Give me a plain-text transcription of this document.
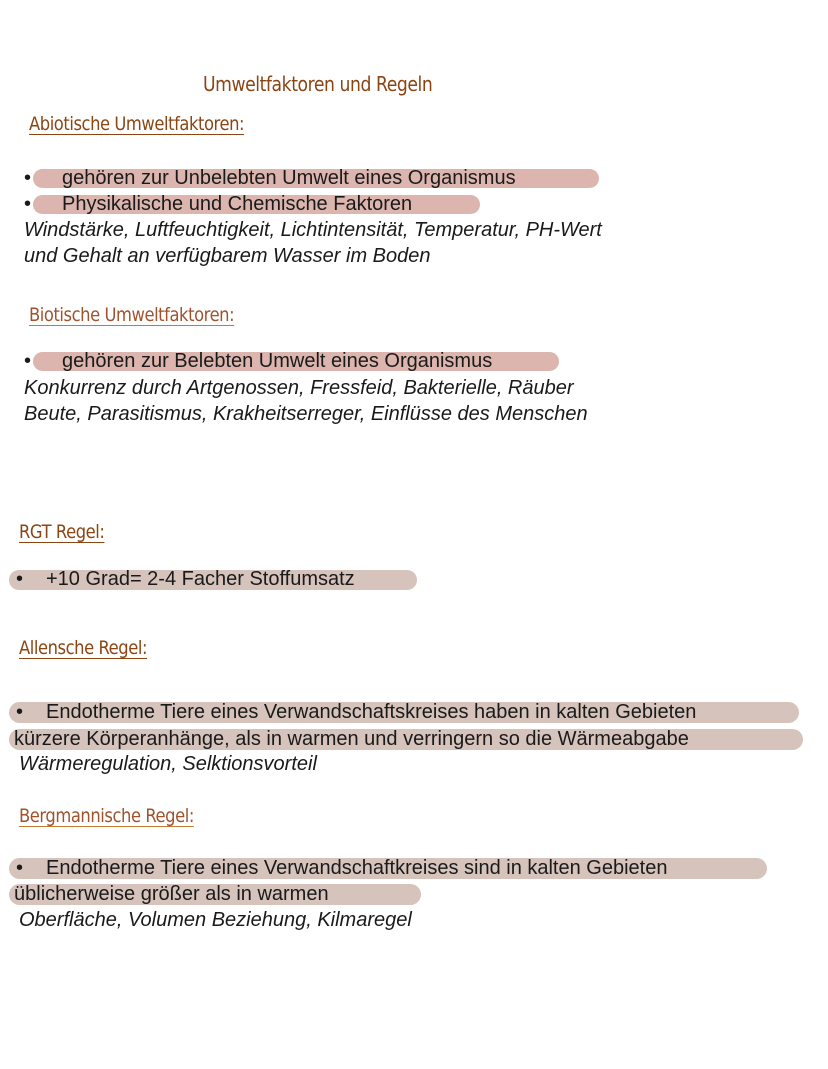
Umweltfaktoren und Regeln
Abiotische Umweltfaktoren:
• gehören zur Unbelebten Umwelt eines Organismus
• Physikalische und Chemische Faktoren
Windstärke, Luftfeuchtigkeit, Lichtintensität, Temperatur, PH-Wert
und Gehalt an verfügbarem Wasser im Boden
Biotische Umweltfaktoren:
• gehören zur Belebten Umwelt eines Organismus
Konkurrenz durch Artgenossen, Fressfeid, Bakterielle, Räuber
Beute, Parasitismus, Krakheitserreger, Einflüsse des Menschen
RGT Regel:
• +10 Grad= 2-4 Facher Stoffumsatz
Allensche Regel:
• Endotherme Tiere eines Verwandschaftskreises haben in kalten Gebieten
kürzere Körperanhänge, als in warmen und verringern so die Wärmeabgabe
Wärmeregulation, Selktionsvorteil
Bergmannische Regel:
• Endotherme Tiere eines Verwandschaftkreises sind in kalten Gebieten
üblicherweise größer als in warmen
Oberfläche, Volumen Beziehung, Kilmaregel
